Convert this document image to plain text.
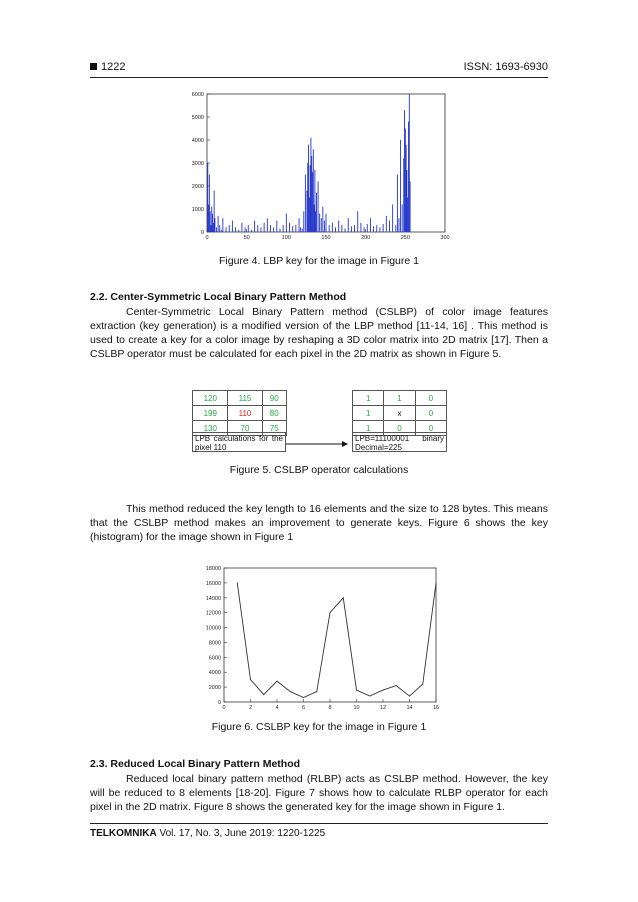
1222	ISSN: 1693-6930
0
1000
2000
3000
4000
5000
6000
0	50	100	150	200	250	300
Figure 4. LBP key for the image in Figure 1
2.2. Center-Symmetric Local Binary Pattern Method

Center-Symmetric Local Binary Pattern method (CSLBP) of color image features extraction (key generation) is a modified version of the LBP method [11-14, 16] . This method is used to create a key for a color image by reshaping a 3D color matrix into 2D matrix [17]. Then a CSLBP operator must be calculated for each pixel in the 2D matrix as shown in Figure 5.

120	115	90
199	110	80
130	70	75
LPB calculations for the pixel 110
1	1	0
1	x	0
1	0	0
LPB=11100001 binary

Decimal=225
Figure 5. CSLBP operator calculations

This method reduced the key length to 16 elements and the size to 128 bytes. This means that the CSLBP method makes an improvement to generate keys. Figure 6 shows the key (histogram) for the image shown in Figure 1

0
2000
4000
6000
8000
10000
12000
14000
16000
18000
0	2	4	6	8	10	12	14	16
Figure 6. CSLBP key for the image in Figure 1
2.3. Reduced Local Binary Pattern Method

Reduced local binary pattern method (RLBP) acts as CSLBP method. However, the key will be reduced to 8 elements [18-20]. Figure 7 shows how to calculate RLBP operator for each pixel in the 2D matrix. Figure 8 shows the generated key for the image shown in Figure 1.

TELKOMNIKA Vol. 17, No. 3, June 2019: 1220-1225
